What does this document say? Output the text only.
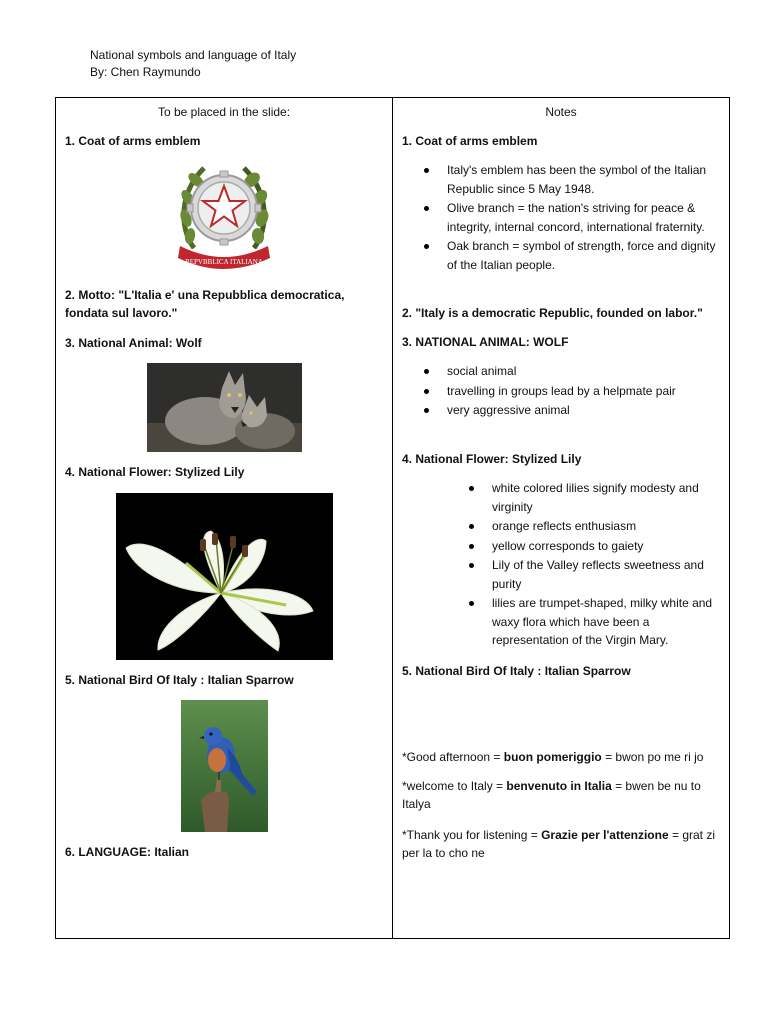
National symbols and language of Italy
By: Chen Raymundo
To be placed in the slide:
1. Coat of arms emblem
REPVBBLICA ITALIANA
2. Motto: "L'Italia e' una Repubblica democratica, fondata sul lavoro."
3. National Animal: Wolf
4. National Flower: Stylized Lily
5. National Bird Of Italy : Italian Sparrow
6. LANGUAGE: Italian
Notes
1. Coat of arms emblem
Italy's emblem has been the symbol of the Italian Republic since 5 May 1948.
Olive branch = the nation's striving for peace & integrity, internal concord, international fraternity.
Oak branch = symbol of strength, force and dignity of the Italian people.
2. "Italy is a democratic Republic, founded on labor."
3. NATIONAL ANIMAL: WOLF
social animal
travelling in groups lead by a helpmate pair
very aggressive animal
4. National Flower: Stylized Lily
white colored lilies signify modesty and virginity
orange reflects enthusiasm
yellow corresponds to gaiety
Lily of the Valley reflects sweetness and purity
lilies are trumpet-shaped, milky white and waxy flora which have been a representation of the Virgin Mary.
5. National Bird Of Italy : Italian Sparrow
*Good afternoon = buon pomeriggio = bwon po me ri jo
*welcome to Italy = benvenuto in Italia = bwen be nu to Italya
*Thank you for listening = Grazie per l'attenzione = grat zi per la to cho ne
